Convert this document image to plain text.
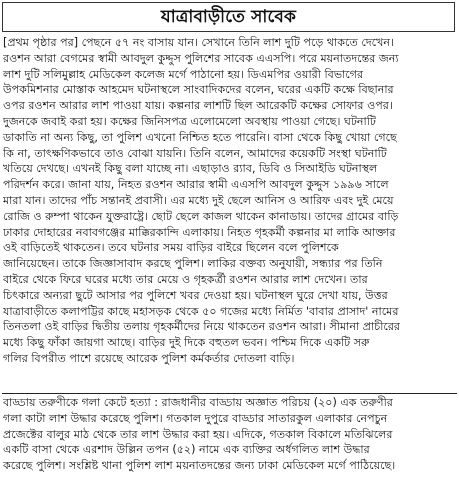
যাত্রাবাড়ীতে সাবেক
[প্রথম পৃষ্ঠার পর] পেছনে ৫৭ নং বাসায় যান। সেখানে তিনি লাশ দুটি পড়ে থাকতে দেখেন।
রওশন আরা বেগমের স্বামী আবদুল কুদ্দুস পুলিশের সাবেক এএসপি। পরে ময়নাতদন্তের জন্য
লাশ দুটি সলিমুল্লাহ মেডিকেল কলেজ মর্গে পাঠানো হয়। ডিএমপির ওয়ারী বিভাগের
উপকমিশনার মোস্তাক আহমেদ ঘটনাস্থলে সাংবাদিকদের বলেন, ঘরের একটি কক্ষে বিছানার
ওপর রওশন আরার লাশ পাওয়া যায়। কল্পনার লাশটি ছিল আরেকটি কক্ষের সোফার ওপর।
দুজনকে জবাই করা হয়। কক্ষের জিনিসপত্র এলোমেলো অবস্থায় পাওয়া গেছে। ঘটনাটি
ডাকাতি না অন্য কিছু, তা পুলিশ এখনো নিশ্চিত হতে পারেনি। বাসা থেকে কিছু খোয়া গেছে
কি না, তাৎক্ষণিকভাবে তাও বোঝা যায়নি। তিনি বলেন, আমাদের কয়েকটি সংস্থা ঘটনাটি
খতিয়ে দেখছে। এখনই কিছু বলা যাচ্ছে না। এছাড়াও র‍্যাব, ডিবি ও সিআইডি ঘটনাস্থল
পরিদর্শন করে। জানা যায়, নিহত রওশন আরার স্বামী এএসপি আবদুল কুদ্দুস ১৯৯৬ সালে
মারা যান। তাদের পাঁচ সন্তানই প্রবাসী। এর মধ্যে দুই ছেলে আনিস ও আরিফ এবং দুই মেয়ে
রোজি ও রুম্পা থাকেন যুক্তরাষ্ট্রে। ছোট ছেলে কাজল থাকেন কানাডায়। তাদের গ্রামের বাড়ি
ঢাকার দোহারের নবাবগঞ্জের মাক্কিরকান্দি এলাকায়। নিহত গৃহকর্মী কল্পনার মা লাকি আক্তার
ওই বাড়িতেই থাকতেন। তবে ঘটনার সময় বাড়ির বাইরে ছিলেন বলে পুলিশকে
জানিয়েছেন। তাকে জিজ্ঞাসাবাদ করছে পুলিশ। লাকির বক্তব্য অনুযায়ী, সন্ধ্যার পর তিনি
বাইরে থেকে ফিরে ঘরের মধ্যে তার মেয়ে ও গৃহকর্ত্রী রওশন আরার লাশ দেখেন। তার
চিৎকারে অন্যরা ছুটে আসার পর পুলিশে খবর দেওয়া হয়। ঘটনাস্থল ঘুরে দেখা যায়, উত্তর
যাত্রাবাড়ীতে কলাপট্টির কাছে মহাসড়ক থেকে ৫০ গজের মধ্যে নির্মিত 'বাবার প্রাসাদ' নামের
তিনতলা ওই বাড়ির দ্বিতীয় তলায় গৃহকর্মীদের নিয়ে থাকতেন রওশন আরা। সীমানা প্রাচীরের
মধ্যে কিছু ফাঁকা জায়গা আছে। বাড়ির দুই দিকে বহুতল ভবন। পশ্চিম দিকে একটি সরু
গলির বিপরীত পাশে রয়েছে আরেক পুলিশ কর্মকর্তার দোতলা বাড়ি।
বাড্ডায় তরুণীকে গলা কেটে হত্যা : রাজধানীর বাড্ডায় অজ্ঞাত পরিচয় (২০) এক তরুণীর
গলা কাটা লাশ উদ্ধার করেছে পুলিশ। গতকাল দুপুরে বাড্ডার সাতারকুল এলাকার নেপচুন
প্রজেক্টের বালুর মাঠ থেকে তার লাশ উদ্ধার করা হয়। এদিকে, গতকাল বিকালে মতিঝিলের
একটি বাসা থেকে এরশাদ উল্লিন তপন (৫২) নামে এক ব্যক্তির অর্ধগলিত লাশ উদ্ধার
করেছে পুলিশ। সংশ্লিষ্ট থানা পুলিশ লাশ ময়নাতদন্তের জন্য ঢাকা মেডিকেল মর্গে পাঠিয়েছে।
